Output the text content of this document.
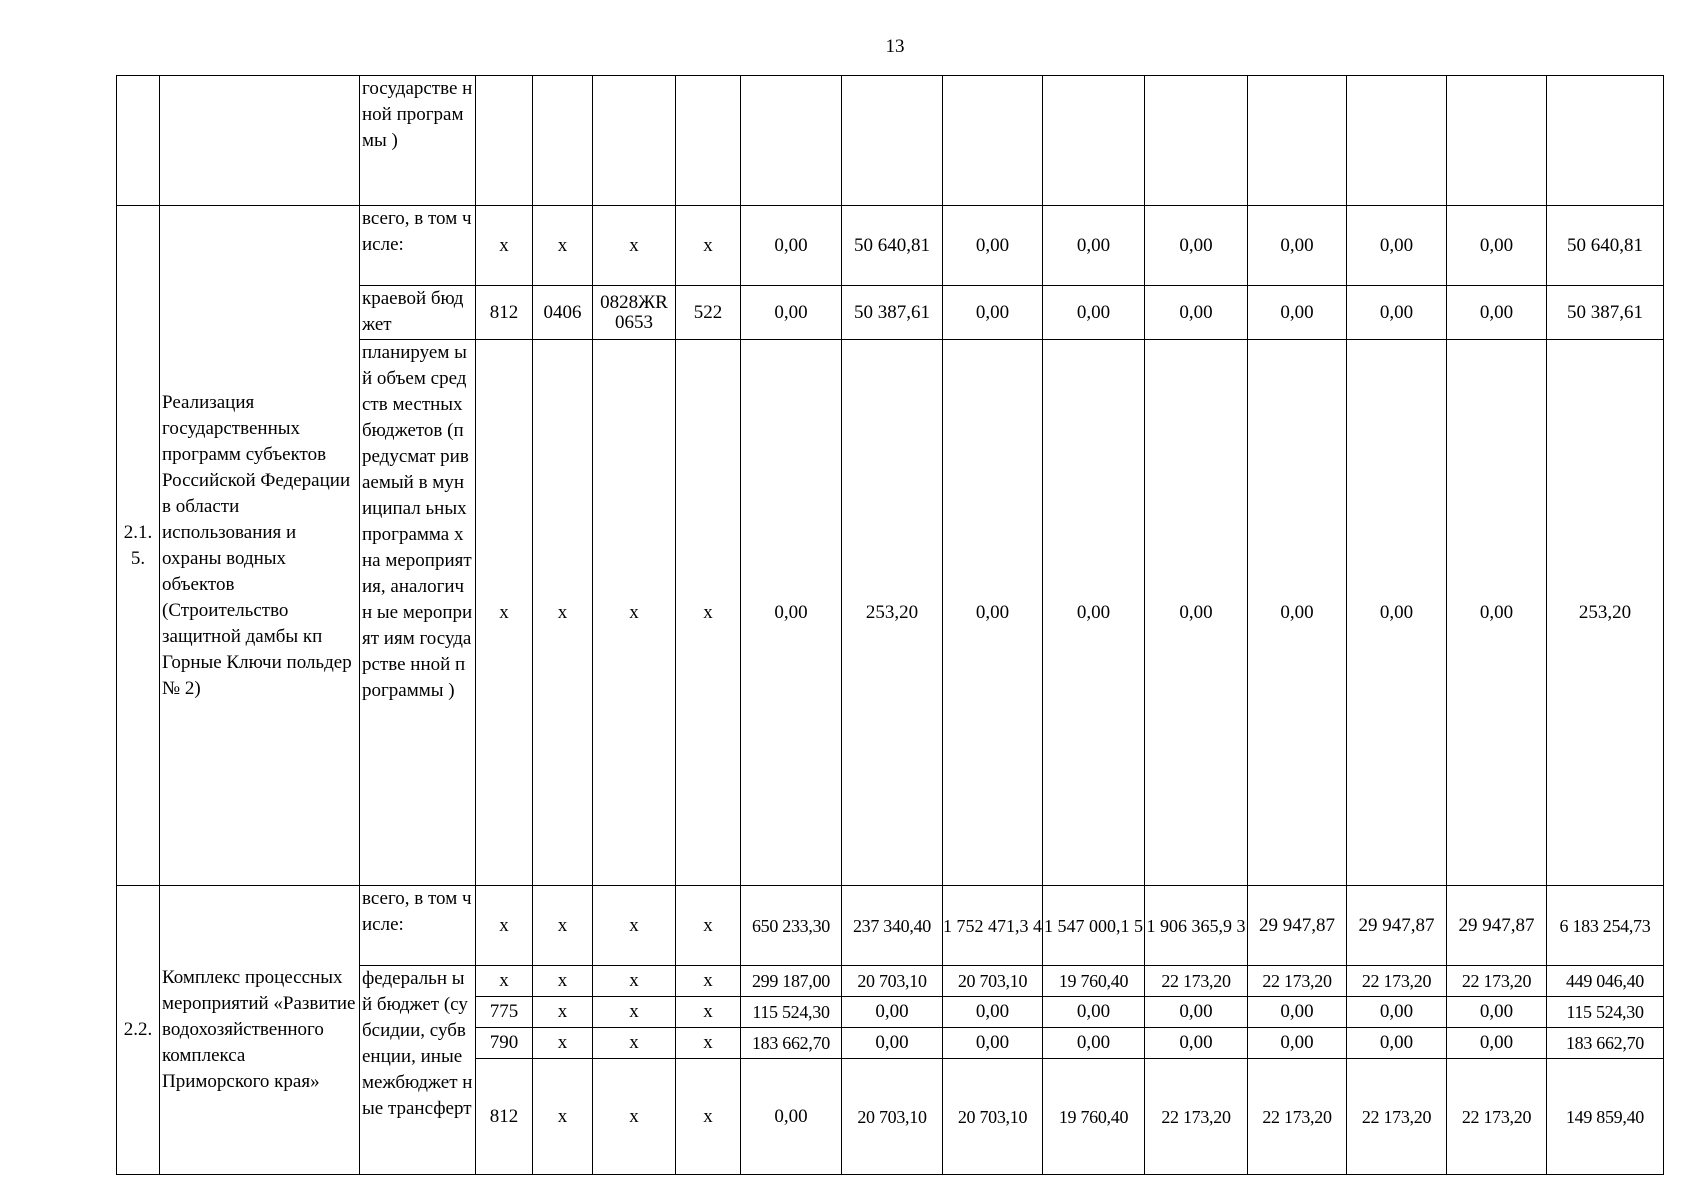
13
		государстве нной программы )													
2.1. 5.	Реализация государственных программ субъектов Российской Федерации в области использования и охраны водных объектов (Строительство защитной дамбы кп Горные Ключи польдер № 2)	всего, в том числе:	x	x	x	x	0,00	50 640,81	0,00	0,00	0,00	0,00	0,00	0,00	50 640,81
		краевой бюджет	812	0406	0828ЖR 0653	522	0,00	50 387,61	0,00	0,00	0,00	0,00	0,00	0,00	50 387,61
		планируем ый объем средств местных бюджетов (предусмат риваемый в муниципал ьных программа х на мероприят ия, аналогичн ые мероприят иям государстве нной программы )	x	x	x	x	0,00	253,20	0,00	0,00	0,00	0,00	0,00	0,00	253,20
2.2.	Комплекс процессных мероприятий «Развитие водохозяйственного комплекса Приморского края»	всего, в том числе:	x	x	x	x	650 233,30	237 340,40	1 752 471,3 4	1 547 000,1 5	1 906 365,9 3	29 947,87	29 947,87	29 947,87	6 183 254,73
		федеральн ый бюджет (субсидии, субвенции, иные межбюджет ные трансферт	x	x	x	x	299 187,00	20 703,10	20 703,10	19 760,40	22 173,20	22 173,20	22 173,20	22 173,20	449 046,40
			775	x	x	x	115 524,30	0,00	0,00	0,00	0,00	0,00	0,00	0,00	115 524,30
			790	x	x	x	183 662,70	0,00	0,00	0,00	0,00	0,00	0,00	0,00	183 662,70
			812	x	x	x	0,00	20 703,10	20 703,10	19 760,40	22 173,20	22 173,20	22 173,20	22 173,20	149 859,40
